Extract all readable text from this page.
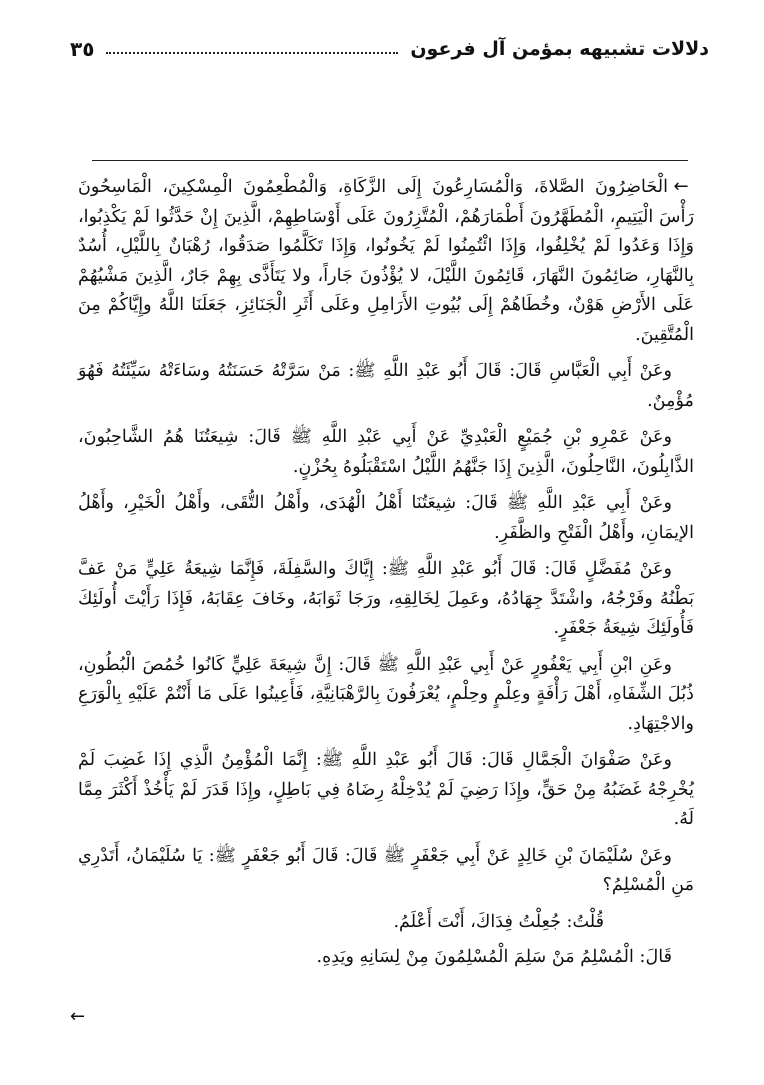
دلالات تشبيهه بمؤمن آل فرعون
٣٥

←الْحَاضِرُونَ الصَّلاةَ، وَالْمُسَارِعُونَ إِلَى الزَّكَاةِ، وَالْمُطْعِمُونَ الْمِسْكِينَ، الْمَاسِحُونَ رَأْسَ الْيَتِيمِ، الْمُطَهَّرُونَ أَطْمَارَهُمْ، الْمُتَّزِرُونَ عَلَى أَوْسَاطِهِمْ، الَّذِينَ إِنْ حَدَّثُوا لَمْ يَكْذِبُوا، وَإِذَا وَعَدُوا لَمْ يُخْلِفُوا، وَإِذَا ائْتُمِنُوا لَمْ يَخُونُوا، وَإِذَا تَكَلَّمُوا صَدَقُوا، رُهْبَانٌ بِاللَّيْلِ، أُسُدٌ بِالنَّهَارِ، صَائِمُونَ النَّهَارَ، قَائِمُونَ اللَّيْلَ، لا يُؤْذُونَ جَاراً، ولا يَتَأَذَّى بِهِمْ جَارٌ، الَّذِينَ مَشْيُهُمْ عَلَى الأَرْضِ هَوْنٌ، وخُطَاهُمْ إِلَى بُيُوتِ الأَرَامِلِ وعَلَى أَثَرِ الْجَنَائِزِ، جَعَلَنَا اللَّهُ وإِيَّاكُمْ مِنَ الْمُتَّقِينَ.

وعَنْ أَبِي الْعَبَّاسِ قَالَ: قَالَ أَبُو عَبْدِ اللَّهِ ﷺ: مَنْ سَرَّتْهُ حَسَنَتُهُ وسَاءَتْهُ سَيِّئَتُهُ فَهُوَ مُؤْمِنٌ.

وعَنْ عَمْرِو بْنِ جُمَيْعٍ الْعَبْدِيِّ عَنْ أَبِي عَبْدِ اللَّهِ ﷺ قَالَ: شِيعَتُنَا هُمُ الشَّاحِبُونَ، الذَّابِلُونَ، النَّاحِلُونَ، الَّذِينَ إِذَا جَنَّهُمُ اللَّيْلُ اسْتَقْبَلُوهُ بِحُزْنٍ.

وعَنْ أَبِي عَبْدِ اللَّهِ ﷺ قَالَ: شِيعَتُنَا أَهْلُ الْهُدَى، وأَهْلُ التُّقَى، وأَهْلُ الْخَيْرِ، وأَهْلُ الإيمَانِ، وأَهْلُ الْفَتْحِ والظَّفَرِ.

وعَنْ مُفَضَّلٍ قَالَ: قَالَ أَبُو عَبْدِ اللَّهِ ﷺ: إِيَّاكَ والسَّفِلَةَ، فَإِنَّمَا شِيعَةُ عَلِيٍّ مَنْ عَفَّ بَطْنُهُ وفَرْجُهُ، واشْتَدَّ جِهَادُهُ، وعَمِلَ لِخَالِقِهِ، ورَجَا ثَوَابَهُ، وخَافَ عِقَابَهُ، فَإِذَا رَأَيْتَ أُولَئِكَ فَأُولَئِكَ شِيعَةُ جَعْفَرٍ.

وعَنِ ابْنِ أَبِي يَعْفُورٍ عَنْ أَبِي عَبْدِ اللَّهِ ﷺ قَالَ: إِنَّ شِيعَةَ عَلِيٍّ كَانُوا خُمُصَ الْبُطُونِ، ذُبُلَ الشِّفَاهِ، أَهْلَ رَأْفَةٍ وعِلْمٍ وحِلْمٍ، يُعْرَفُونَ بِالرَّهْبَانِيَّةِ، فَأَعِينُوا عَلَى مَا أَنْتُمْ عَلَيْهِ بِالْوَرَعِ والاجْتِهَادِ.

وعَنْ صَفْوَانَ الْجَمَّالِ قَالَ: قَالَ أَبُو عَبْدِ اللَّهِ ﷺ: إِنَّمَا الْمُؤْمِنُ الَّذِي إِذَا غَضِبَ لَمْ يُخْرِجْهُ غَضَبُهُ مِنْ حَقٍّ، وإِذَا رَضِيَ لَمْ يُدْخِلْهُ رِضَاهُ فِي بَاطِلٍ، وإِذَا قَدَرَ لَمْ يَأْخُذْ أَكْثَرَ مِمَّا لَهُ.

وعَنْ سُلَيْمَانَ بْنِ خَالِدٍ عَنْ أَبِي جَعْفَرٍ ﷺ قَالَ: قَالَ أَبُو جَعْفَرٍ ﷺ: يَا سُلَيْمَانُ، أَتَدْرِي مَنِ الْمُسْلِمُ؟

قُلْتُ: جُعِلْتُ فِدَاكَ، أَنْتَ أَعْلَمُ.

قَالَ: الْمُسْلِمُ مَنْ سَلِمَ الْمُسْلِمُونَ مِنْ لِسَانِهِ ويَدِهِ.

←
